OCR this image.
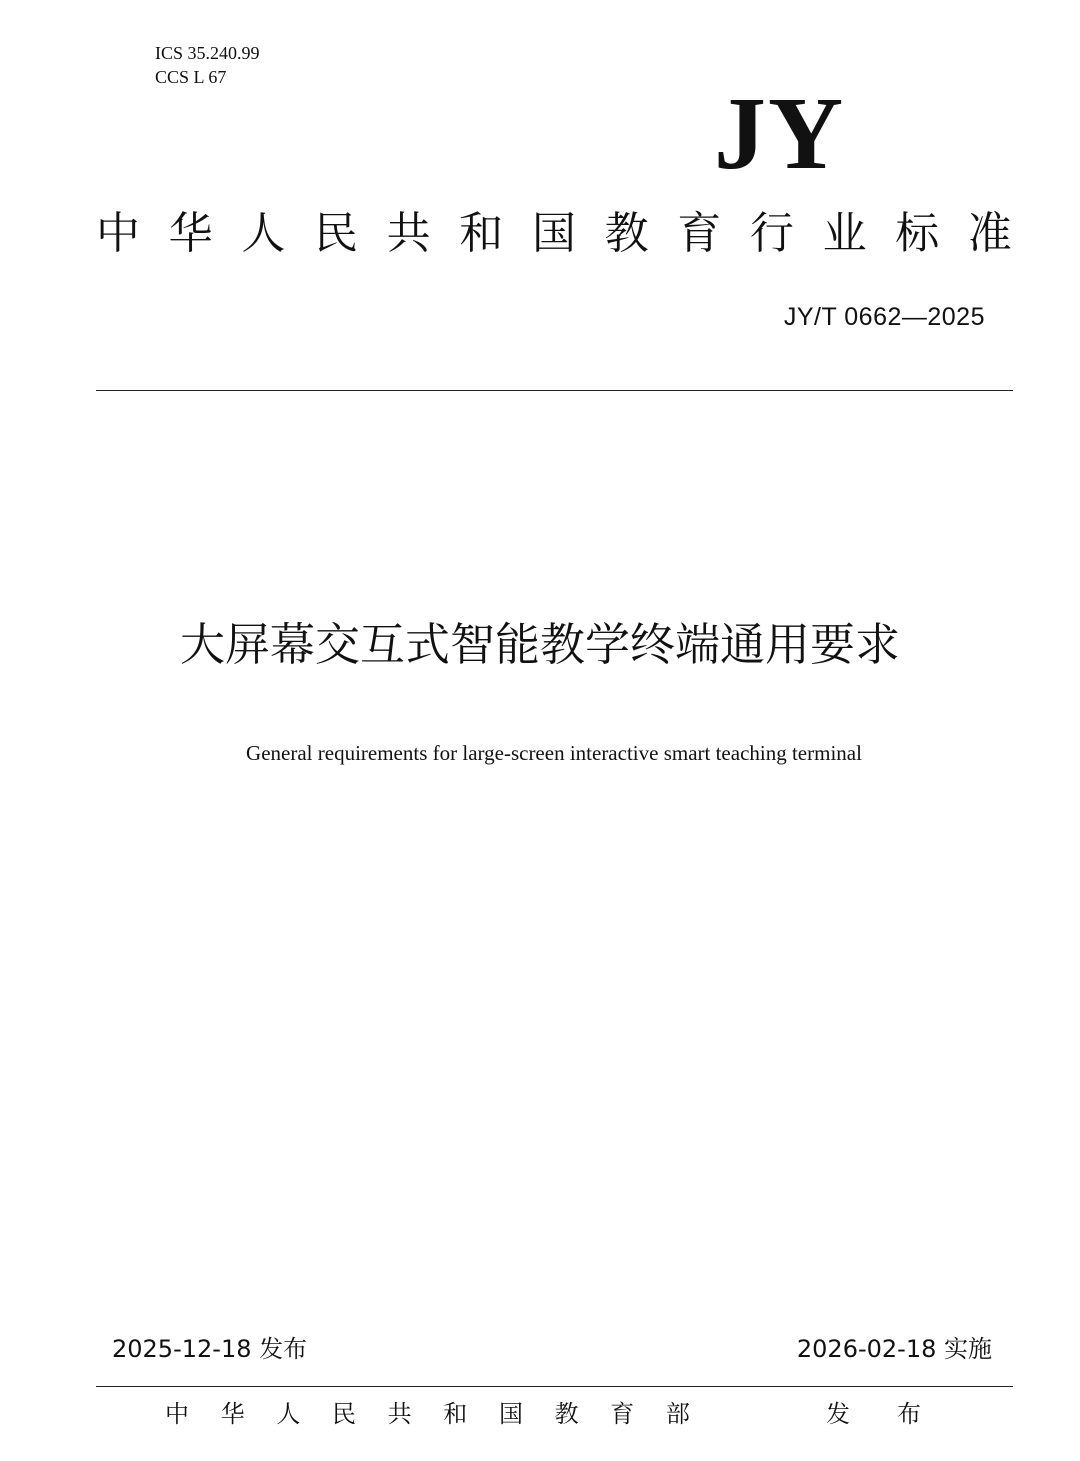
ICS 35.240.99
CCS L 67	JY
中 华 人 民 共 和 国 教 育 行 业 标 准
JY/T 0662—2025
大屏幕交互式智能教学终端通用要求
General requirements for large-screen interactive smart teaching terminal
2025-12-18 发布	2026-02-18 实施
中 华 人 民 共 和 国 教 育 部	发 布
